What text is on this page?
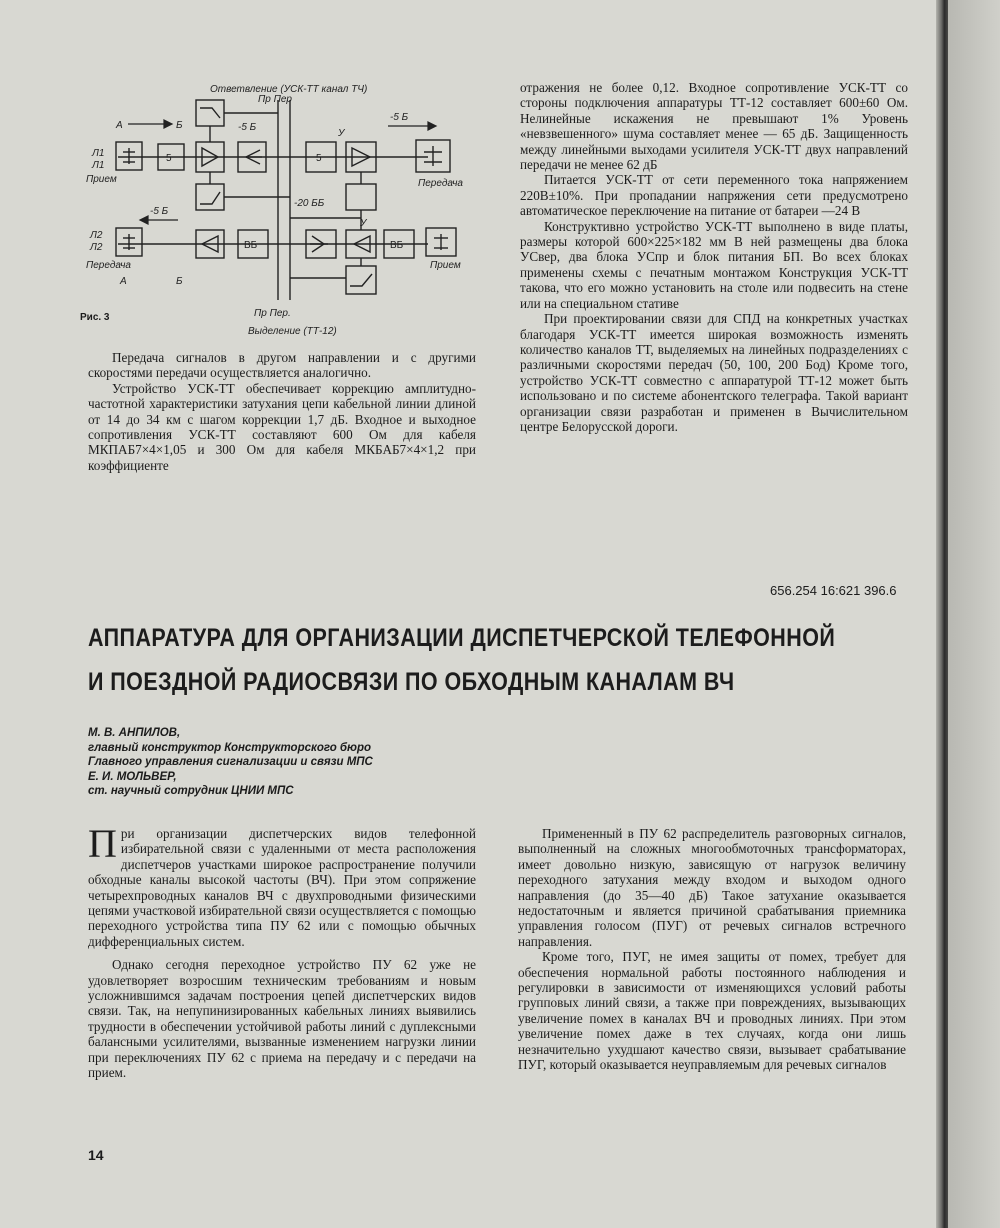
Ответвление (УСК-ТТ канал ТЧ)
Выделение (ТТ-12)
А	Б
Л1
Л1
Л2
Л2
Прием	Передача
Передача	Прием
А	Б
-5 Б
-5 Б
-5 Б
-20 ББ
Пр Пер.
Пр Пер
У
У
5	5
ВБ	ВБ
Рис. 3

Передача сигналов в другом направлении и с другими скоростями передачи осуществляется аналогично.

Устройство УСК-ТТ обеспечивает коррекцию амплитудно-частотной характеристики затухания цепи кабельной линии длиной от 14 до 34 км с шагом коррекции 1,7 дБ. Входное и выходное сопротивления УСК-ТТ составляют 600 Ом для кабеля МКПАБ7×4×1,05 и 300 Ом для кабеля МКБАБ7×4×1,2 при коэффициенте

отражения не более 0,12. Входное сопротивление УСК-ТТ со стороны подключения аппаратуры ТТ-12 составляет 600±60 Ом. Нелинейные искажения не превышают 1% Уровень «невзвешенного» шума составляет менее — 65 дБ. Защищенность между линейными выходами усилителя УСК-ТТ двух направлений передачи не менее 62 дБ

Питается УСК-ТТ от сети переменного тока напряжением 220В±10%. При пропадании напряжения сети предусмотрено автоматическое переключение на питание от батареи —24 В

Конструктивно устройство УСК-ТТ выполнено в виде платы, размеры которой 600×225×182 мм В ней размещены два блока УСвер, два блока УСпр и блок питания БП. Во всех блоках применены схемы с печатным монтажом Конструкция УСК-ТТ такова, что его можно установить на столе или подвесить на стене или на специальном стативе

При проектировании связи для СПД на конкретных участках благодаря УСК-ТТ имеется широкая возможность изменять количество каналов ТТ, выделяемых на линейных подразделениях с различными скоростями передач (50, 100, 200 Бод) Кроме того, устройство УСК-ТТ совместно с аппаратурой ТТ-12 может быть использовано и по системе абонентского телеграфа. Такой вариант организации связи разработан и применен в Вычислительном центре Белорусской дороги.

656.254 16:621 396.6
АППАРАТУРА ДЛЯ ОРГАНИЗАЦИИ ДИСПЕТЧЕРСКОЙ ТЕЛЕФОННОЙ
И ПОЕЗДНОЙ РАДИОСВЯЗИ ПО ОБХОДНЫМ КАНАЛАМ ВЧ
М. В. АНПИЛОВ,
главный конструктор Конструкторского бюро
Главного управления сигнализации и связи МПС
Е. И. МОЛЬВЕР,
ст. научный сотрудник ЦНИИ МПС

При организации диспетчерских видов телефонной избирательной связи с удаленными от места расположения диспетчеров участками широкое распространение получили обходные каналы высокой частоты (ВЧ). При этом сопряжение четырехпроводных каналов ВЧ с двухпроводными физическими цепями участковой избирательной связи осуществляется с помощью переходного устройства типа ПУ 62 или с помощью обычных дифференциальных систем.

Однако сегодня переходное устройство ПУ 62 уже не удовлетворяет возросшим техническим требованиям и новым усложнившимся задачам построения цепей диспетчерских видов связи. Так, на непупинизированных кабельных линиях выявились трудности в обеспечении устойчивой работы линий с дуплексными балансными усилителями, вызванные изменением нагрузки линии при переключениях ПУ 62 с приема на передачу и с передачи на прием.

Примененный в ПУ 62 распределитель разговорных сигналов, выполненный на сложных многообмоточных трансформаторах, имеет довольно низкую, зависящую от нагрузок величину переходного затухания между входом и выходом одного направления (до 35—40 дБ) Такое затухание оказывается недостаточным и является причиной срабатывания приемника управления голосом (ПУГ) от речевых сигналов встречного направления.

Кроме того, ПУГ, не имея защиты от помех, требует для обеспечения нормальной работы постоянного наблюдения и регулировки в зависимости от изменяющихся условий работы групповых линий связи, а также при повреждениях, вызывающих увеличение помех в каналах ВЧ и проводных линиях. При этом увеличение помех даже в тех случаях, когда они лишь незначительно ухудшают качество связи, вызывает срабатывание ПУГ, который оказывается неуправляемым для речевых сигналов

14
